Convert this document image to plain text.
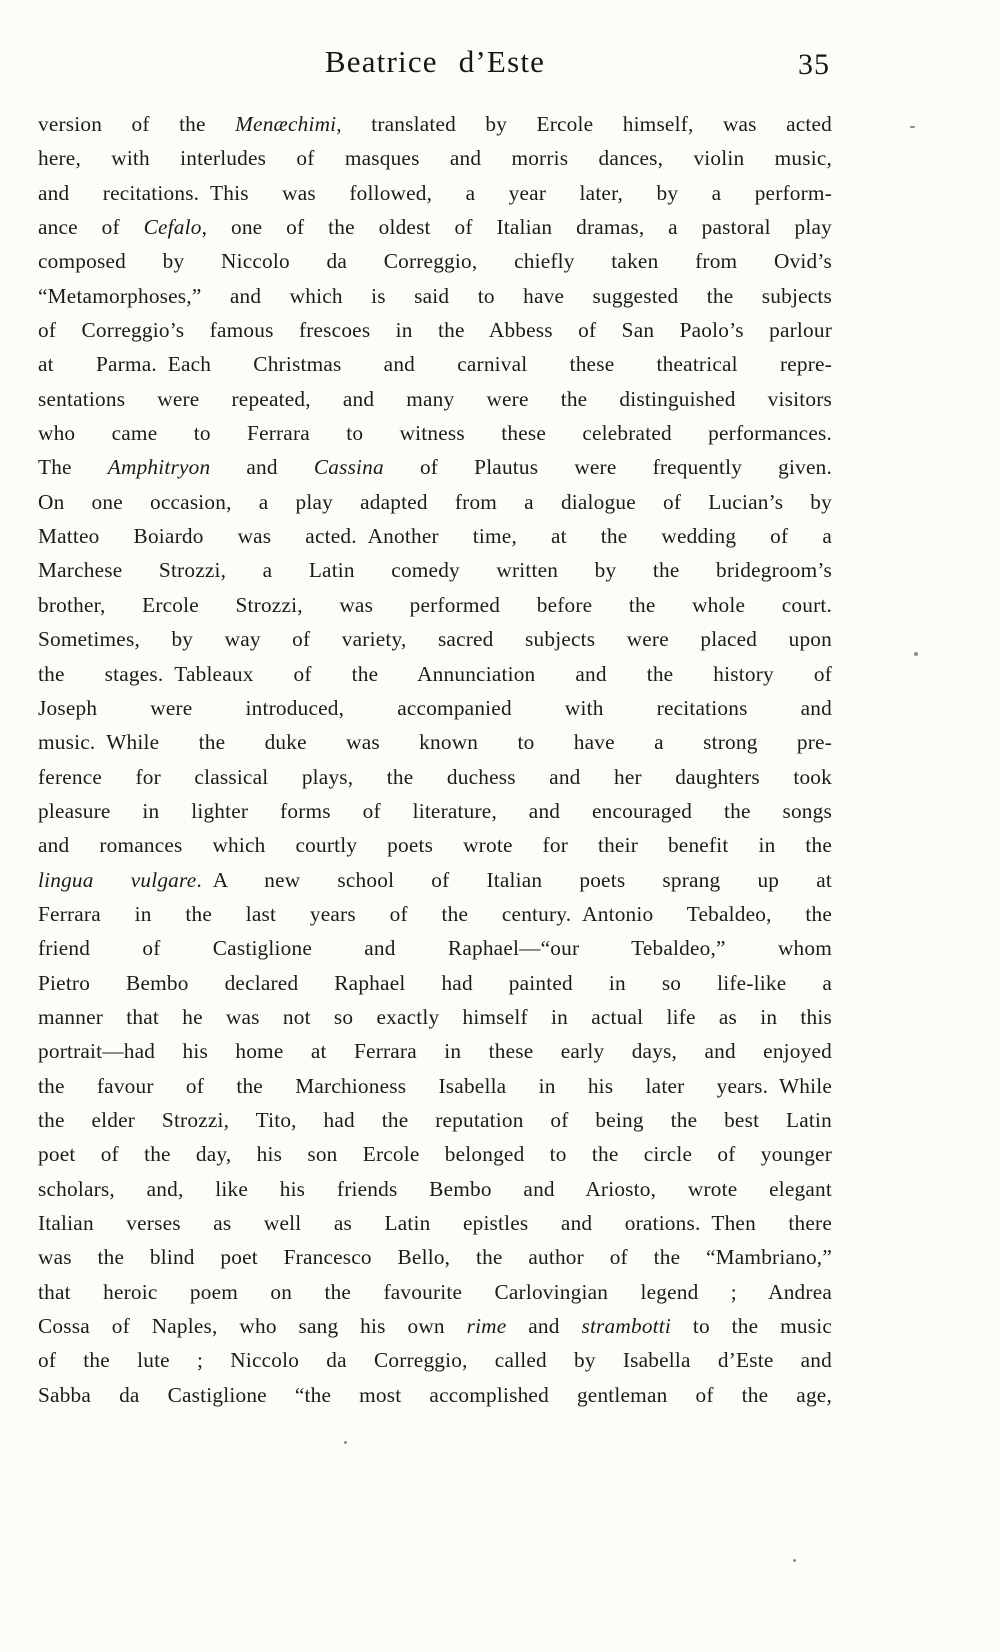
Beatrice d’Este	35
version of the Menæchimi, translated by Ercole himself, was acted
here, with interludes of masques and morris dances, violin music,
and recitations. This was followed, a year later, by a perform-
ance of Cefalo, one of the oldest of Italian dramas, a pastoral play
composed by Niccolo da Correggio, chiefly taken from Ovid’s
“Metamorphoses,” and which is said to have suggested the subjects
of Correggio’s famous frescoes in the Abbess of San Paolo’s parlour
at Parma. Each Christmas and carnival these theatrical repre-
sentations were repeated, and many were the distinguished visitors
who came to Ferrara to witness these celebrated performances.
The Amphitryon and Cassina of Plautus were frequently given.
On one occasion, a play adapted from a dialogue of Lucian’s by
Matteo Boiardo was acted. Another time, at the wedding of a
Marchese Strozzi, a Latin comedy written by the bridegroom’s
brother, Ercole Strozzi, was performed before the whole court.
Sometimes, by way of variety, sacred subjects were placed upon
the stages. Tableaux of the Annunciation and the history of
Joseph were introduced, accompanied with recitations and
music. While the duke was known to have a strong pre-
ference for classical plays, the duchess and her daughters took
pleasure in lighter forms of literature, and encouraged the songs
and romances which courtly poets wrote for their benefit in the
lingua vulgare. A new school of Italian poets sprang up at
Ferrara in the last years of the century. Antonio Tebaldeo, the
friend of Castiglione and Raphael—“our Tebaldeo,” whom
Pietro Bembo declared Raphael had painted in so life-like a
manner that he was not so exactly himself in actual life as in this
portrait—had his home at Ferrara in these early days, and enjoyed
the favour of the Marchioness Isabella in his later years. While
the elder Strozzi, Tito, had the reputation of being the best Latin
poet of the day, his son Ercole belonged to the circle of younger
scholars, and, like his friends Bembo and Ariosto, wrote elegant
Italian verses as well as Latin epistles and orations. Then there
was the blind poet Francesco Bello, the author of the “Mambriano,”
that heroic poem on the favourite Carlovingian legend ; Andrea
Cossa of Naples, who sang his own rime and strambotti to the music
of the lute ; Niccolo da Correggio, called by Isabella d’Este and
Sabba da Castiglione “the most accomplished gentleman of the age,
